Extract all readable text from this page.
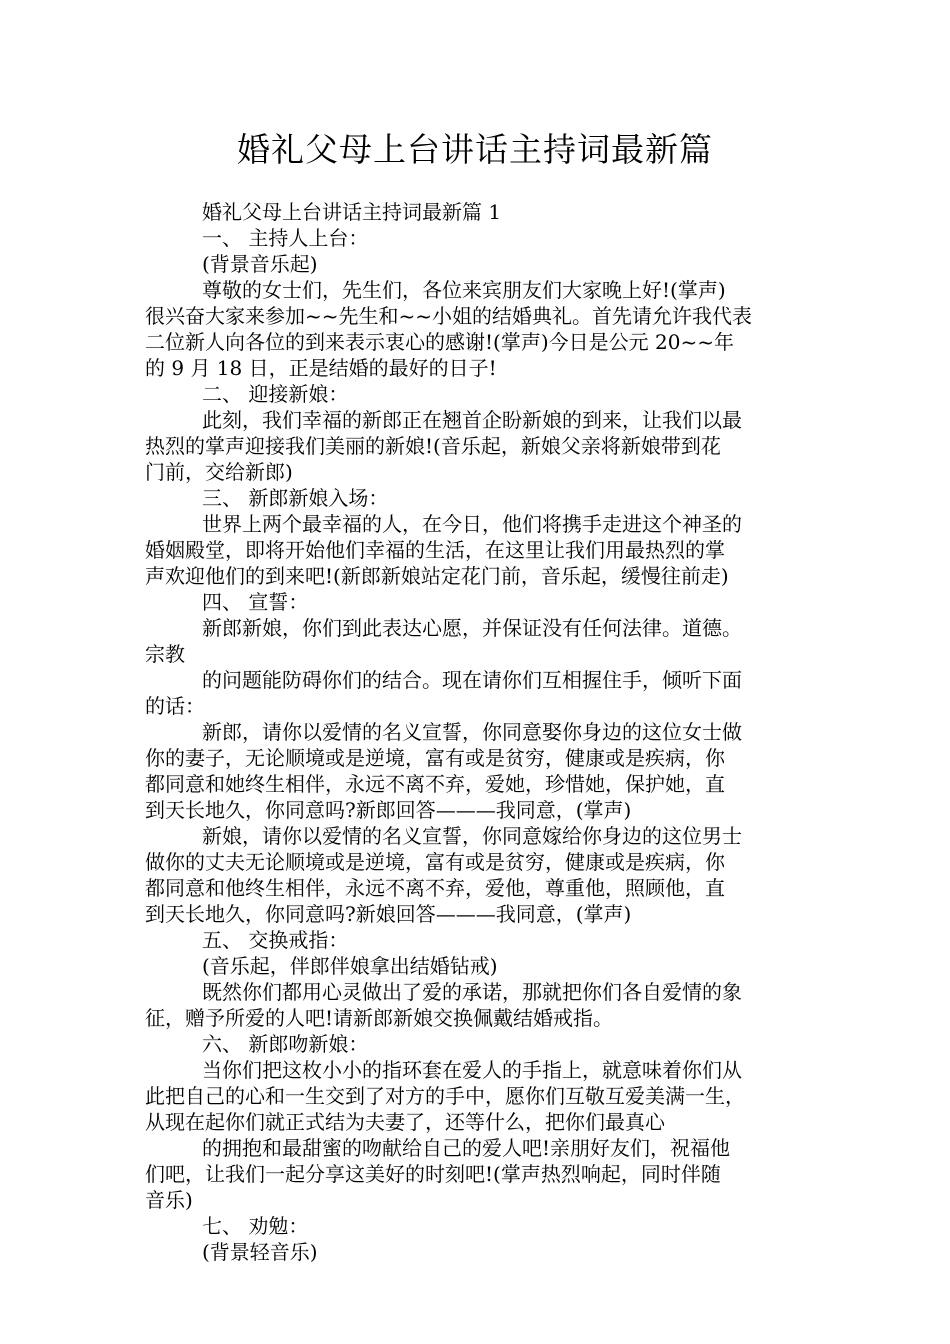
婚礼父母上台讲话主持词最新篇

婚礼父母上台讲话主持词最新篇 1

一、 主持人上台：

(背景音乐起)

尊敬的女士们，先生们，各位来宾朋友们大家晚上好!(掌声)

很兴奋大家来参加~~先生和~~小姐的结婚典礼。首先请允许我代表

二位新人向各位的到来表示衷心的感谢!(掌声)今日是公元 20~~年

的 9 月 18 日，正是结婚的最好的日子!

二、 迎接新娘：

此刻，我们幸福的新郎正在翘首企盼新娘的到来，让我们以最

热烈的掌声迎接我们美丽的新娘!(音乐起，新娘父亲将新娘带到花

门前，交给新郎)

三、 新郎新娘入场：

世界上两个最幸福的人，在今日，他们将携手走进这个神圣的

婚姻殿堂，即将开始他们幸福的生活，在这里让我们用最热烈的掌

声欢迎他们的到来吧!(新郎新娘站定花门前，音乐起，缓慢往前走)

四、 宣誓：

新郎新娘，你们到此表达心愿，并保证没有任何法律。道德。

宗教

的问题能防碍你们的结合。现在请你们互相握住手，倾听下面

的话：

新郎，请你以爱情的名义宣誓，你同意娶你身边的这位女士做

你的妻子，无论顺境或是逆境，富有或是贫穷，健康或是疾病，你

都同意和她终生相伴，永远不离不弃，爱她，珍惜她，保护她，直

到天长地久，你同意吗?新郎回答———我同意，(掌声)

新娘，请你以爱情的名义宣誓，你同意嫁给你身边的这位男士

做你的丈夫无论顺境或是逆境，富有或是贫穷，健康或是疾病，你

都同意和他终生相伴，永远不离不弃，爱他，尊重他，照顾他，直

到天长地久，你同意吗?新娘回答———我同意，(掌声)

五、 交换戒指：

(音乐起，伴郎伴娘拿出结婚钻戒)

既然你们都用心灵做出了爱的承诺，那就把你们各自爱情的象

征，赠予所爱的人吧!请新郎新娘交换佩戴结婚戒指。

六、 新郎吻新娘：

当你们把这枚小小的指环套在爱人的手指上，就意味着你们从

此把自己的心和一生交到了对方的手中，愿你们互敬互爱美满一生，

从现在起你们就正式结为夫妻了，还等什么，把你们最真心

的拥抱和最甜蜜的吻献给自己的爱人吧!亲朋好友们，祝福他

们吧，让我们一起分享这美好的时刻吧!(掌声热烈响起，同时伴随

音乐)

七、 劝勉：

(背景轻音乐)
